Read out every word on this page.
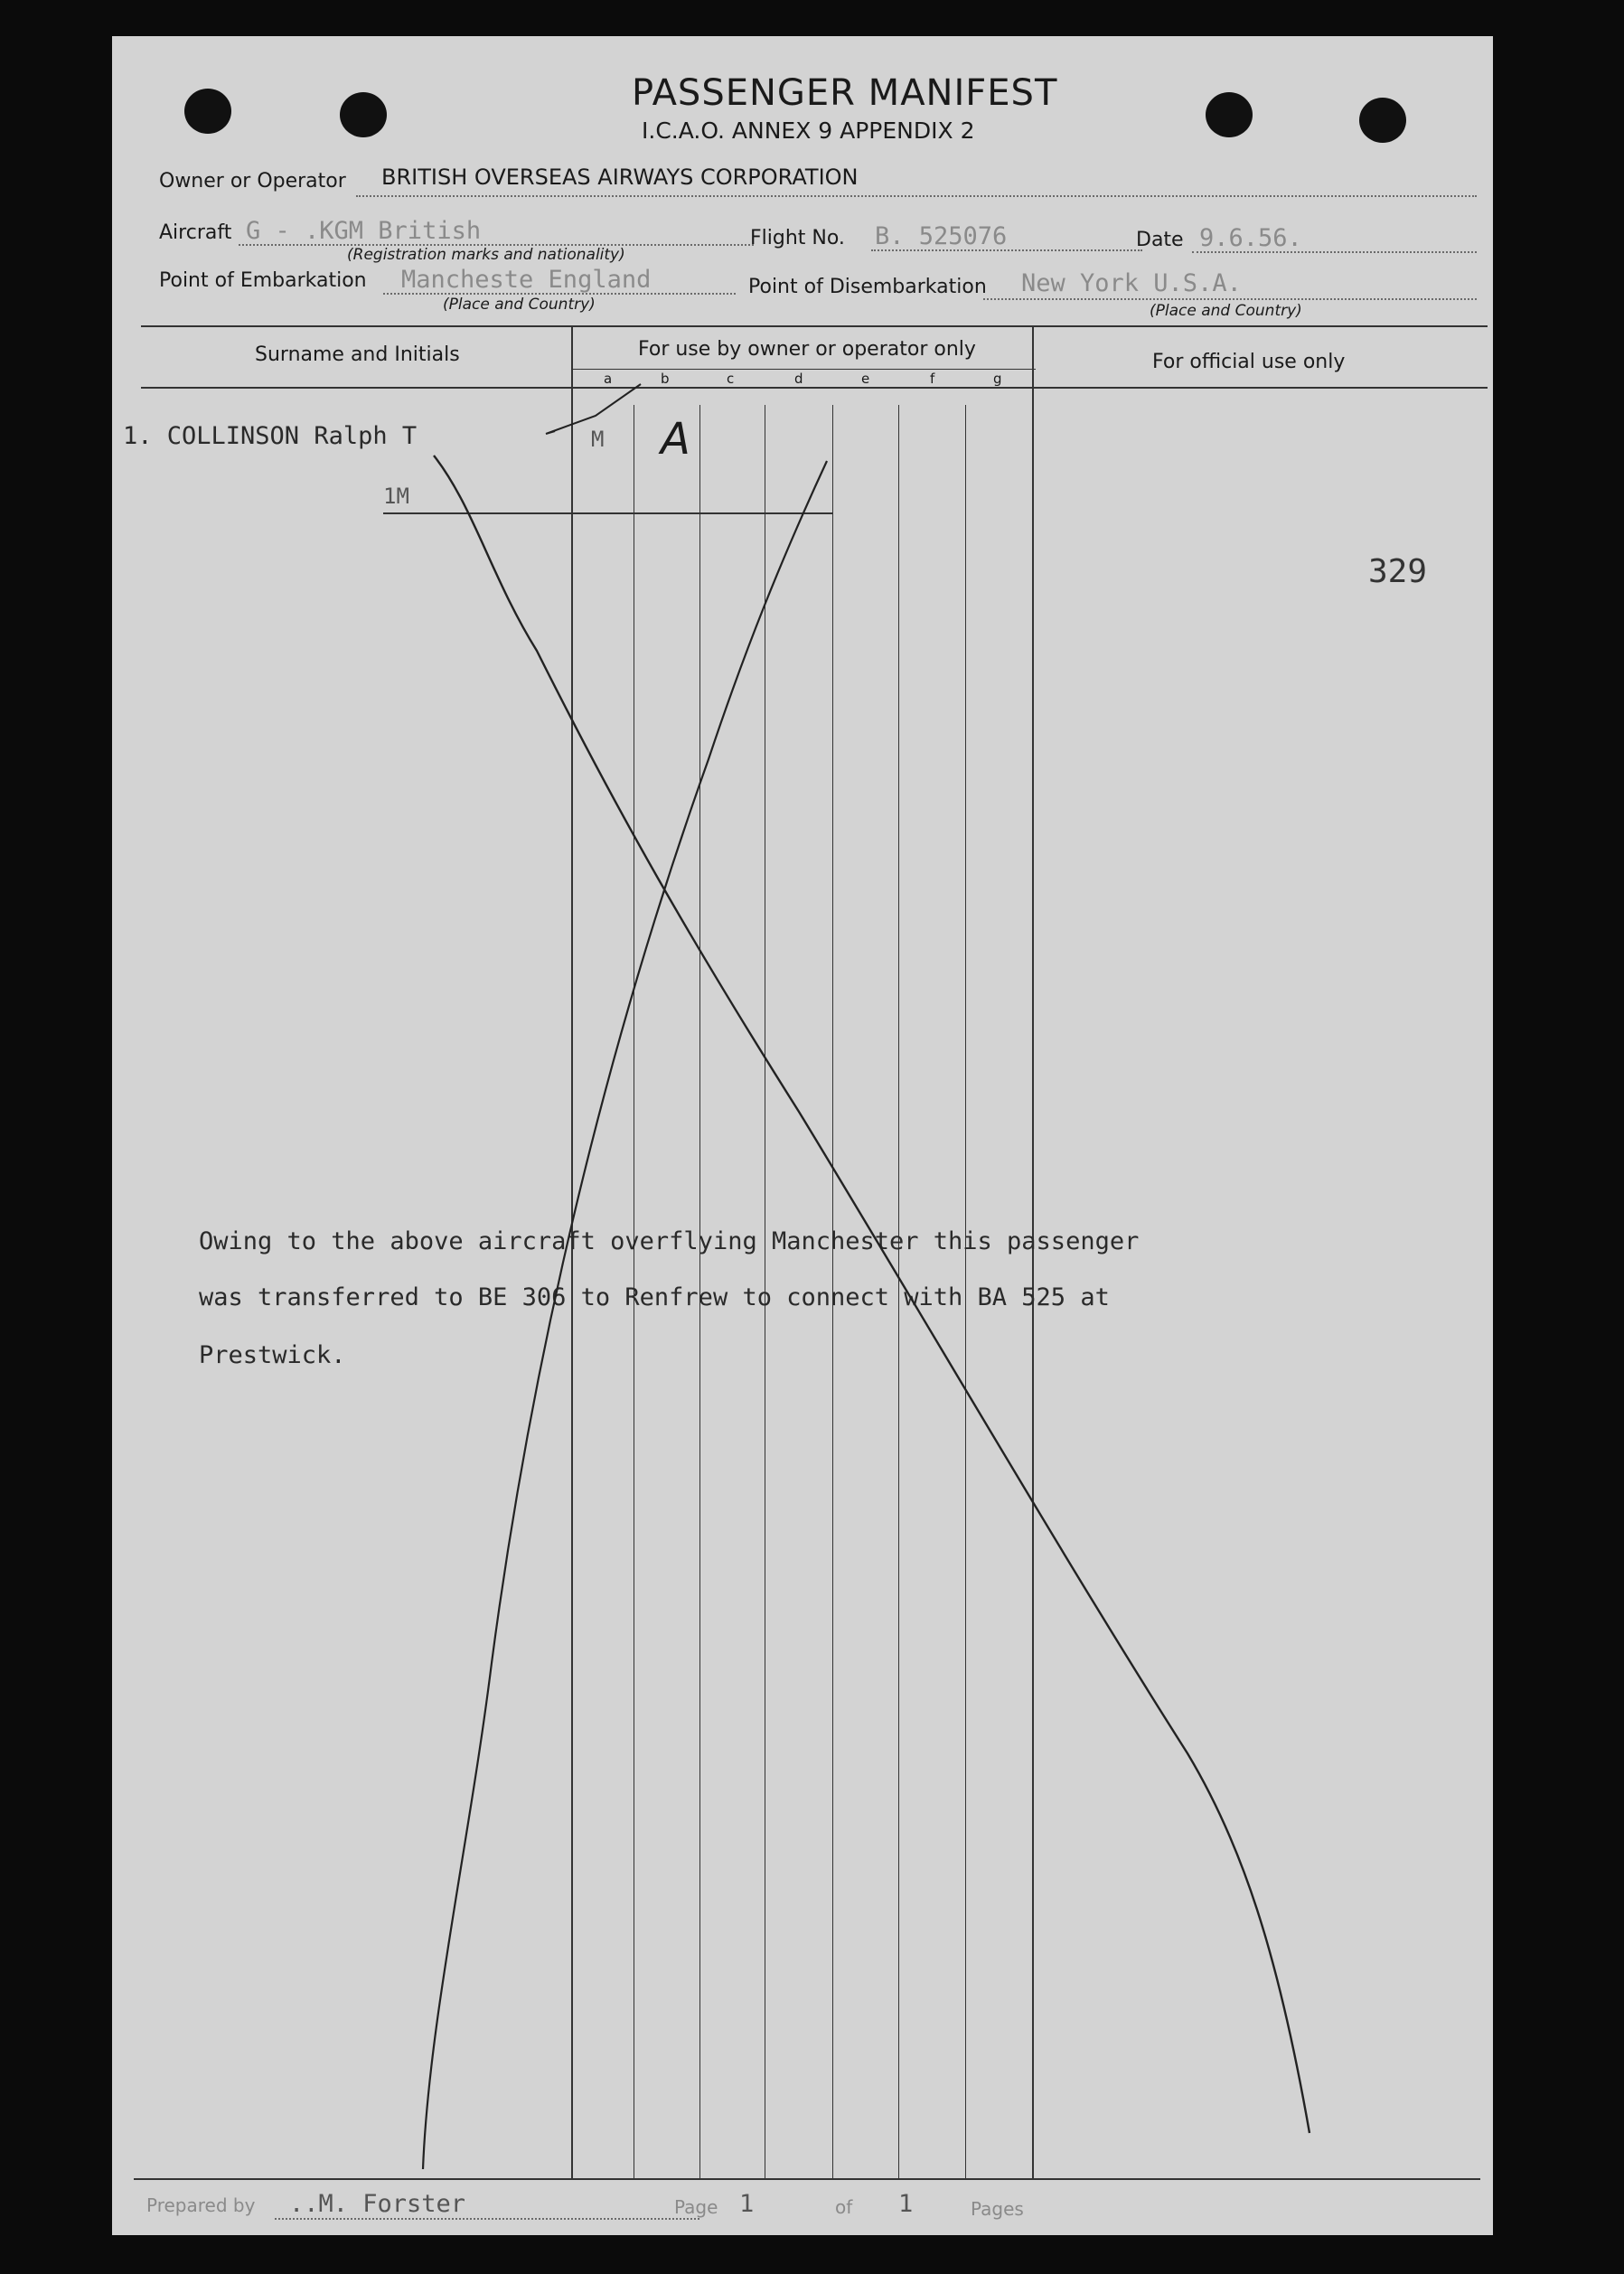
PASSENGER MANIFEST
I.C.A.O. ANNEX 9 APPENDIX 2
Owner or Operator BRITISH OVERSEAS AIRWAYS CORPORATION
Aircraft G - .KGM British
(Registration marks and nationality)
Flight No. B. 525076	Date 9.6.56.
Point of Embarkation Mancheste England
(Place and Country)
Point of Disembarkation New York U.S.A.
(Place and Country)
Surname and Initials	For use by owner or operator only
For official use only
a	b	c	d	e	f	g
1. COLLINSON Ralph T	M A
1M
329
Owing to the above aircraft overflying Manchester this passenger
was transferred to BE 306 to Renfrew to connect with BA 525 at
Prestwick.
Prepared by ..M. Forster	Page 1	of 1	Pages
